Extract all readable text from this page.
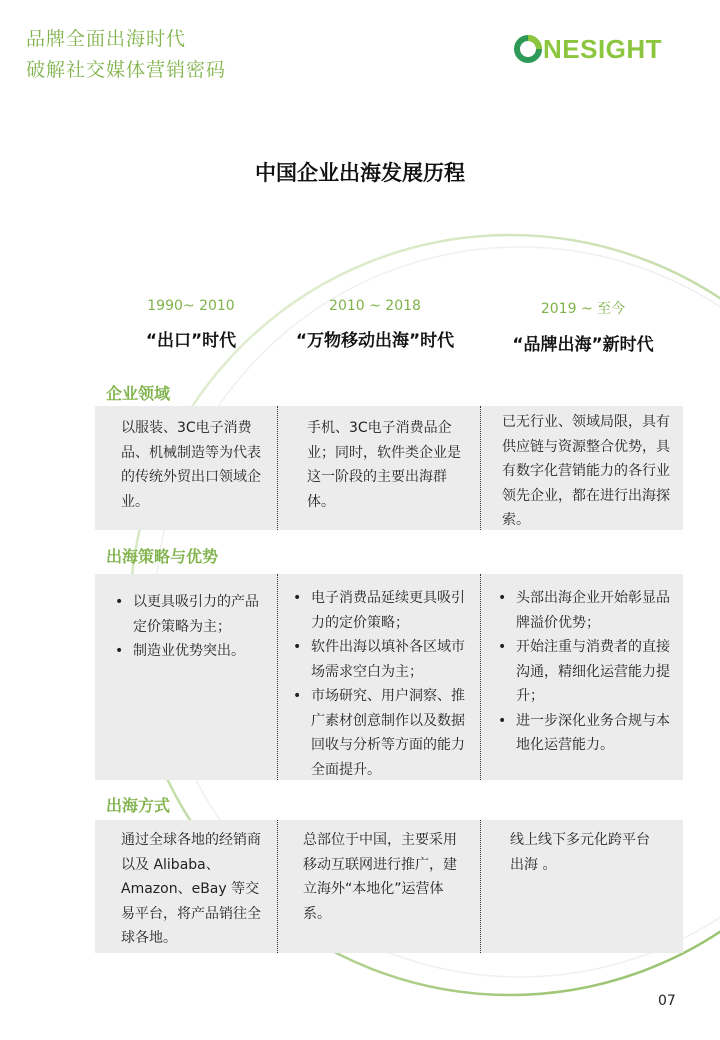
品牌全面出海时代
破解社交媒体营销密码
NESIGHT
中国企业出海发展历程
1990~ 2010
“出口”时代
2010 ~ 2018
“万物移动出海”时代
2019 ~ 至今
“品牌出海”新时代
企业领域
以服装、3C电子消费品、机械制造等为代表的传统外贸出口领域企业。
手机、3C电子消费品企业；同时，软件类企业是这一阶段的主要出海群体。
已无行业、领域局限，具有供应链与资源整合优势，具有数字化营销能力的各行业领先企业，都在进行出海探索。
出海策略与优势
• 以更具吸引力的产品定价策略为主；
• 制造业优势突出。
• 电子消费品延续更具吸引力的定价策略；
• 软件出海以填补各区域市场需求空白为主；
• 市场研究、用户洞察、推广素材创意制作以及数据回收与分析等方面的能力全面提升。
• 头部出海企业开始彰显品牌溢价优势；
• 开始注重与消费者的直接沟通，精细化运营能力提升；
• 进一步深化业务合规与本地化运营能力。
出海方式
通过全球各地的经销商以及 Alibaba、Amazon、eBay 等交易平台，将产品销往全球各地。
总部位于中国，主要采用移动互联网进行推广，建立海外“本地化”运营体系。
线上线下多元化跨平台出海 。
07
